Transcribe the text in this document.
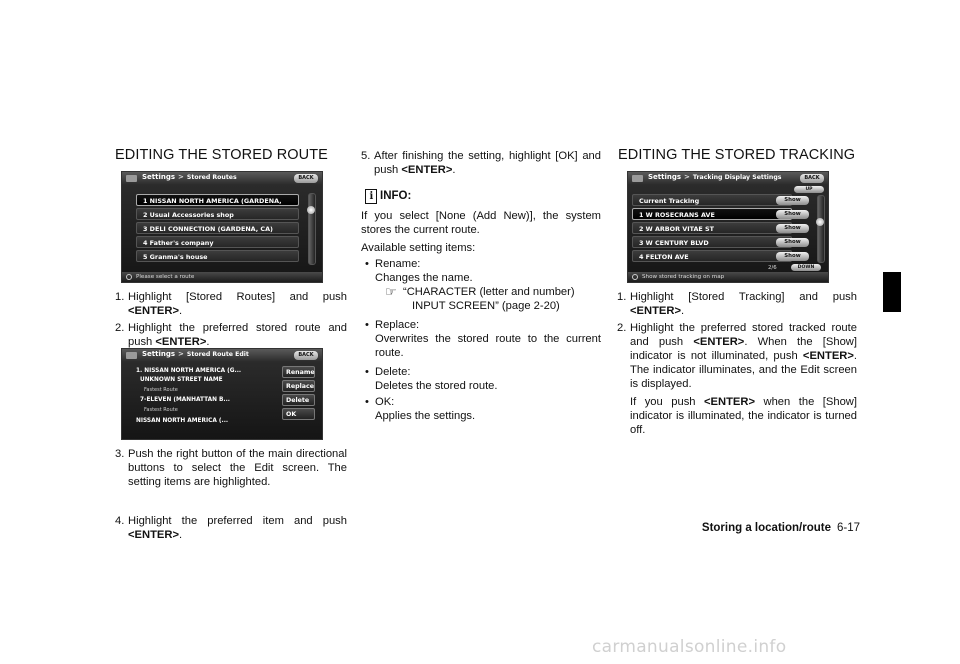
EDITING THE STORED ROUTE
Settings > Stored Routes	BACK
1 NISSAN NORTH AMERICA (GARDENA,
2 Usual Accessories shop
3 DELI CONNECTION (GARDENA, CA)
4 Father's company
5 Granma's house
Please select a route
1. Highlight [Stored Routes] and push <ENTER>.
2. Highlight the preferred stored route and push <ENTER>.
Settings > Stored Route Edit	BACK
1. NISSAN NORTH AMERICA (G...
UNKNOWN STREET NAME
Fastest Route
7-ELEVEN (MANHATTAN B...
Fastest Route
NISSAN NORTH AMERICA (...
Rename
Replace
Delete
OK
3. Push the right button of the main directional buttons to select the Edit screen. The setting items are highlighted.
4. Highlight the preferred item and push <ENTER>.
5. After finishing the setting, highlight [OK] and push <ENTER>.
i INFO:
If you select [None (Add New)], the system stores the current route.
Available setting items:
• Rename:
Changes the name.
☞ “CHARACTER (letter and number)
INPUT SCREEN” (page 2-20)
• Replace:
Overwrites the stored route to the current route.
• Delete:
Deletes the stored route.
• OK:
Applies the settings.
EDITING THE STORED TRACKING
Settings > Tracking Display Settings	BACK
UP
Current Tracking	Show
1 W ROSECRANS AVE	Show
2 W ARBOR VITAE ST	Show
3 W CENTURY BLVD	Show
4 FELTON AVE	Show
2/6	DOWN
Show stored tracking on map
1. Highlight [Stored Tracking] and push <ENTER>.
2. Highlight the preferred stored tracked route and push <ENTER>. When the [Show] indicator is not illuminated, push <ENTER>. The indicator illuminates, and the Edit screen is displayed.
If you push <ENTER> when the [Show] indicator is illuminated, the indicator is turned off.
Storing a location/route 6-17
carmanualsonline.info
